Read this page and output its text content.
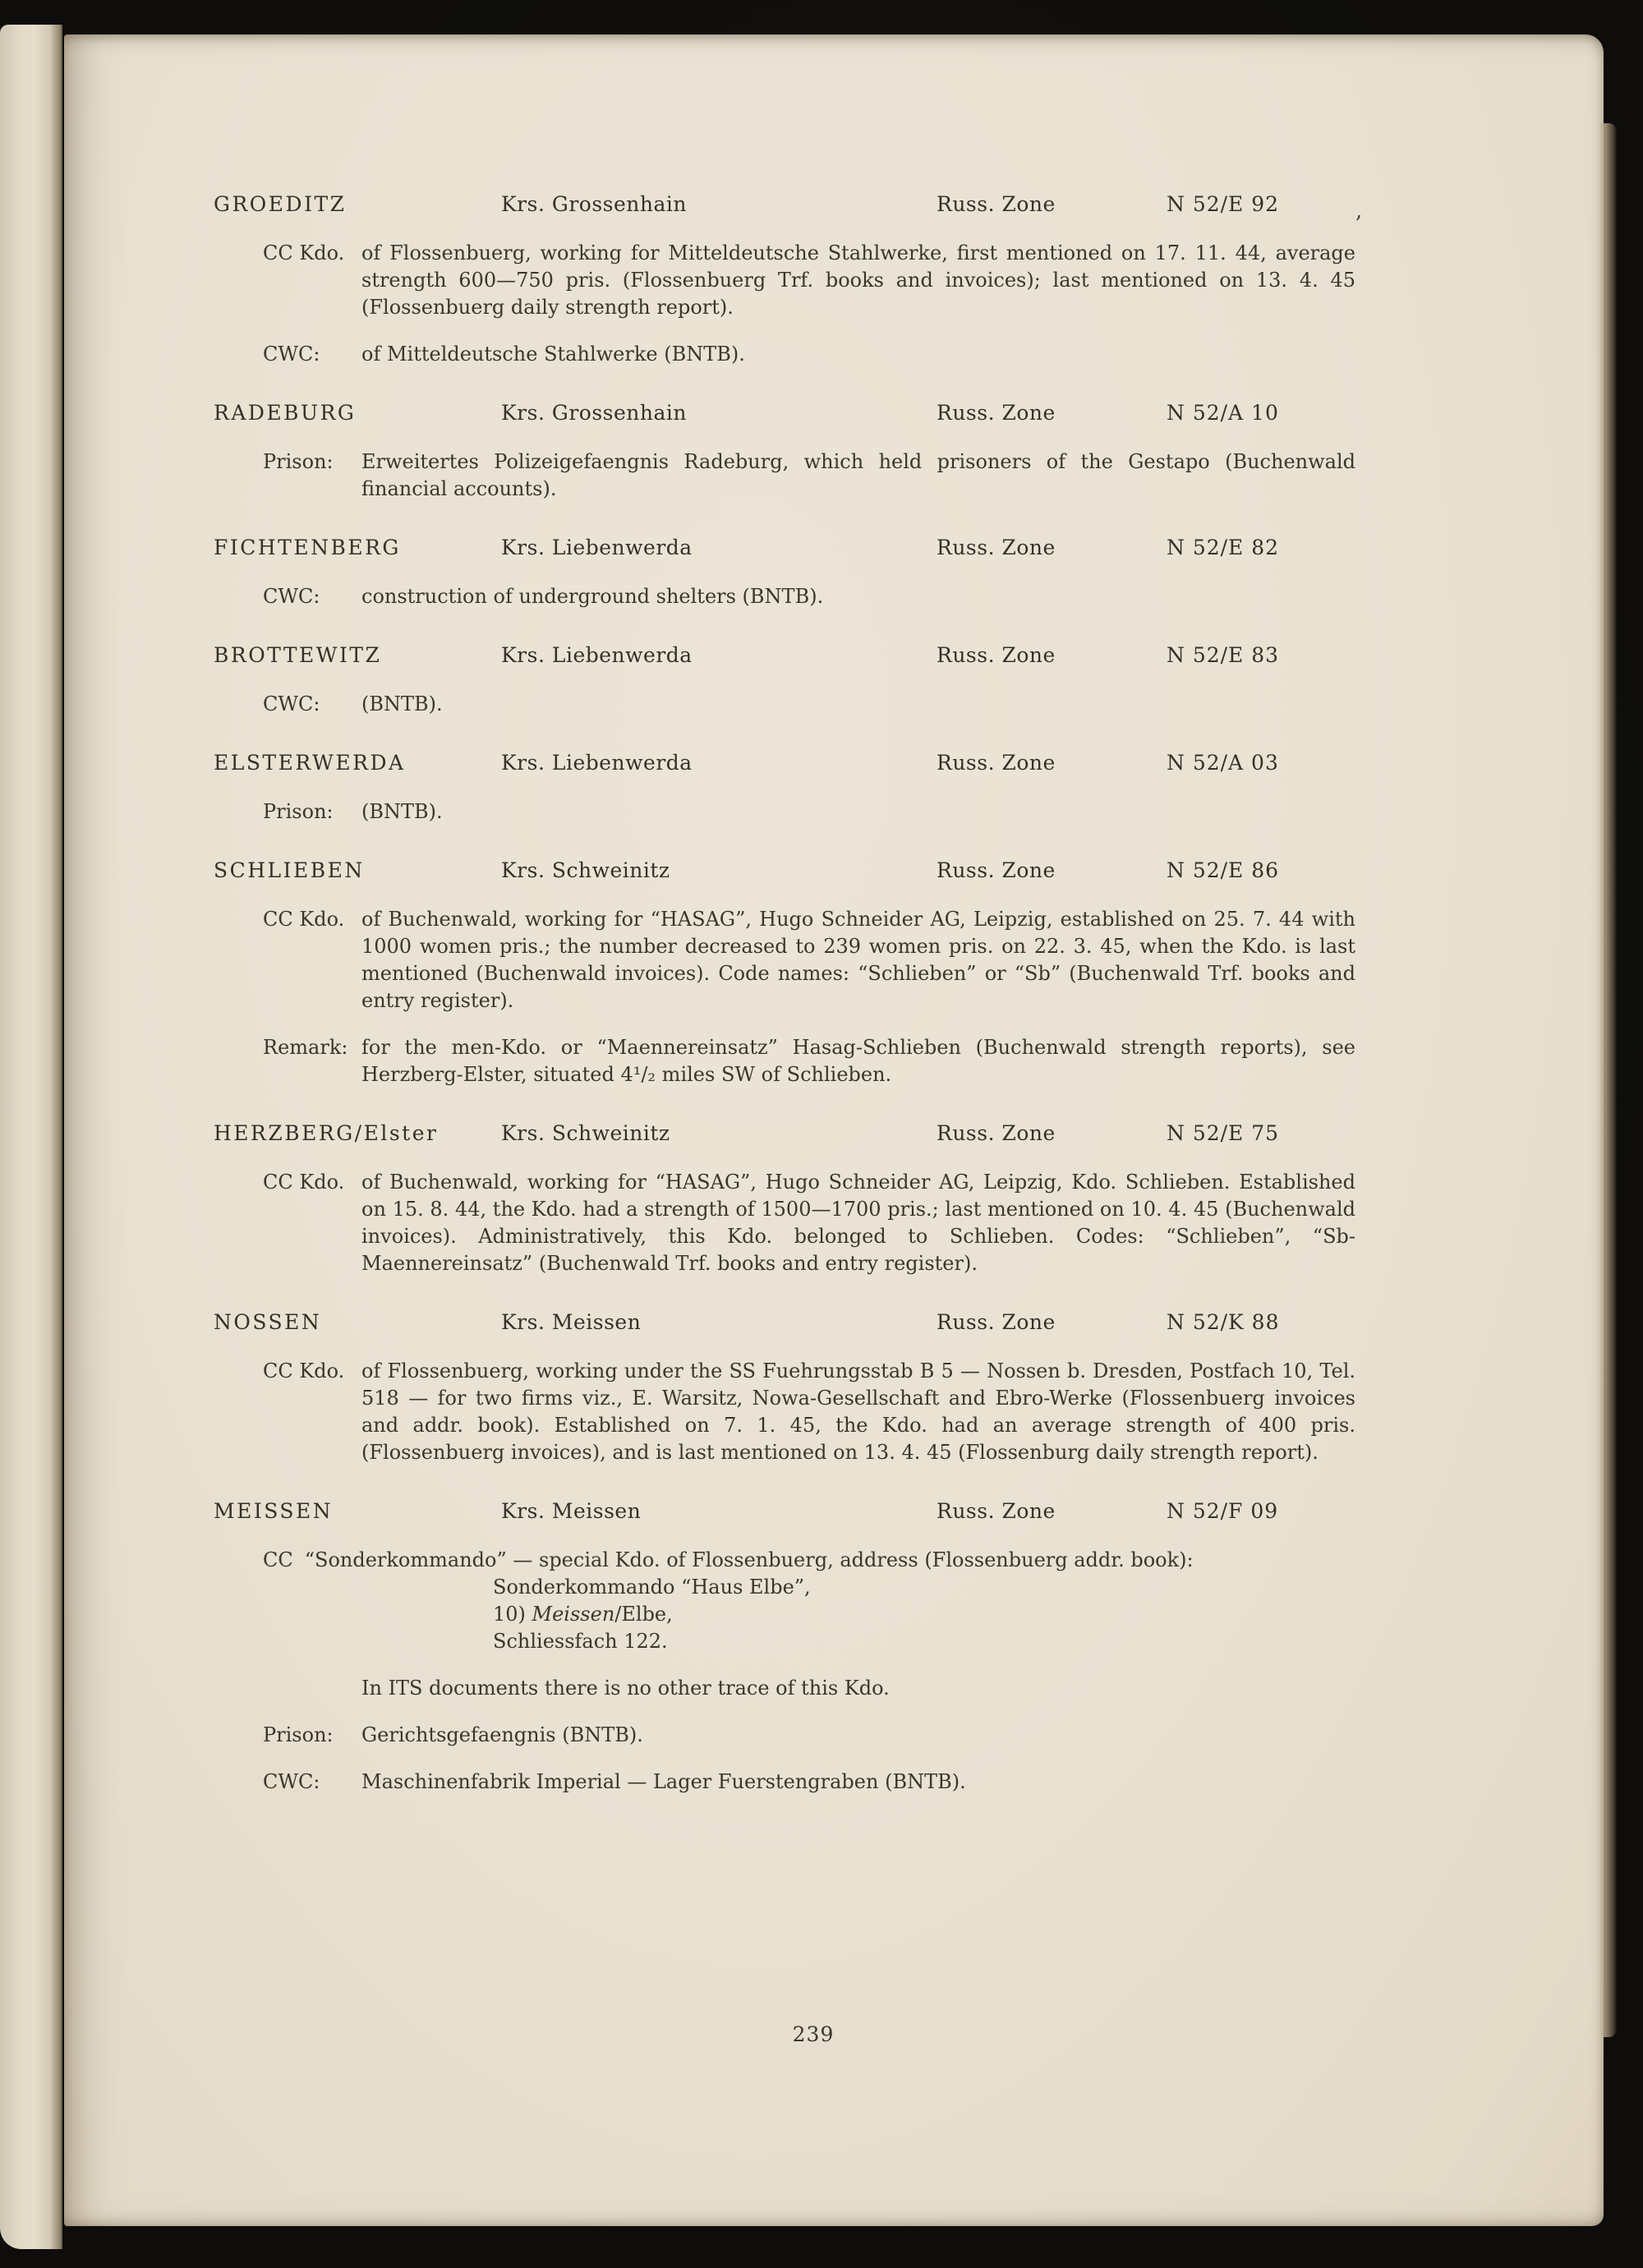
GROEDITZ	Krs. Grossenhain	Russ. Zone	N 52/E 92	,
CC Kdo. of Flossenbuerg, working for Mitteldeutsche Stahlwerke, first mentioned on 17. 11. 44, average strength 600—750 pris. (Flossenbuerg Trf. books and invoices); last mentioned on 13. 4. 45 (Flossenbuerg daily strength report).
CWC: of Mitteldeutsche Stahlwerke (BNTB).
RADEBURG	Krs. Grossenhain	Russ. Zone	N 52/A 10
Prison: Erweitertes Polizeigefaengnis Radeburg, which held prisoners of the Gestapo (Buchenwald financial accounts).
FICHTENBERG	Krs. Liebenwerda	Russ. Zone	N 52/E 82
CWC: construction of underground shelters (BNTB).
BROTTEWITZ	Krs. Liebenwerda	Russ. Zone	N 52/E 83
CWC: (BNTB).
ELSTERWERDA	Krs. Liebenwerda	Russ. Zone	N 52/A 03
Prison: (BNTB).
SCHLIEBEN	Krs. Schweinitz	Russ. Zone	N 52/E 86
CC Kdo. of Buchenwald, working for “HASAG”, Hugo Schneider AG, Leipzig, established on 25. 7. 44 with 1000 women pris.; the number decreased to 239 women pris. on 22. 3. 45, when the Kdo. is last mentioned (Buchenwald invoices). Code names: “Schlieben” or “Sb” (Buchenwald Trf. books and entry register).
Remark: for the men-Kdo. or “Maennereinsatz” Hasag-Schlieben (Buchenwald strength reports), see Herzberg-Elster, situated 4¹/₂ miles SW of Schlieben.
HERZBERG/Elster	Krs. Schweinitz	Russ. Zone	N 52/E 75
CC Kdo. of Buchenwald, working for “HASAG”, Hugo Schneider AG, Leipzig, Kdo. Schlieben. Established on 15. 8. 44, the Kdo. had a strength of 1500—1700 pris.; last mentioned on 10. 4. 45 (Buchenwald invoices). Administratively, this Kdo. belonged to Schlieben. Codes: “Schlieben”, “Sb-Maennereinsatz” (Buchenwald Trf. books and entry register).
NOSSEN	Krs. Meissen	Russ. Zone	N 52/K 88
CC Kdo. of Flossenbuerg, working under the SS Fuehrungsstab B 5 — Nossen b. Dresden, Postfach 10, Tel. 518 — for two firms viz., E. Warsitz, Nowa-Gesellschaft and Ebro-Werke (Flossenbuerg invoices and addr. book). Established on 7. 1. 45, the Kdo. had an average strength of 400 pris. (Flossenbuerg invoices), and is last mentioned on 13. 4. 45 (Flossenburg daily strength report).
MEISSEN	Krs. Meissen	Russ. Zone	N 52/F 09
CC “Sonderkommando” — special Kdo. of Flossenbuerg, address (Flossenbuerg addr. book):
Sonderkommando “Haus Elbe”,
10) Meissen/Elbe,
Schliessfach 122.
In ITS documents there is no other trace of this Kdo.
Prison: Gerichtsgefaengnis (BNTB).
CWC: Maschinenfabrik Imperial — Lager Fuerstengraben (BNTB).
239
